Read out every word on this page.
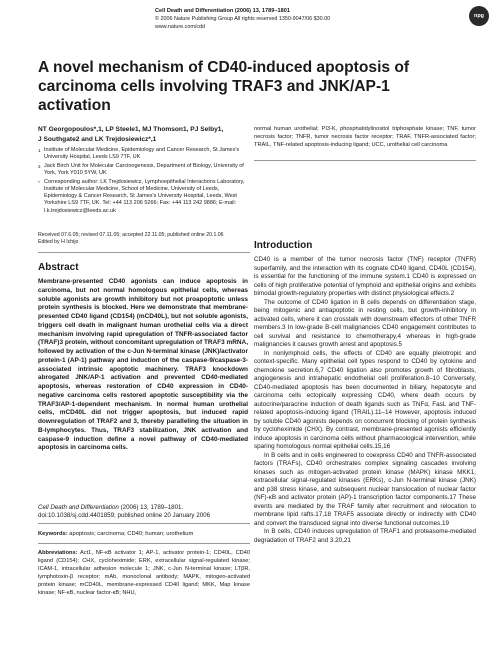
Cell Death and Differentiation (2006) 13, 1789–1801
© 2006 Nature Publishing Group All rights reserved 1350-9047/06 $30.00
www.nature.com/cdd
npg
A novel mechanism of CD40-induced apoptosis of carcinoma cells involving TRAF3 and JNK/AP-1 activation
NT Georgopoulos*,1, LP Steele1, MJ Thomson1, PJ Selby1,
J Southgate2 and LK Trejdosiewicz*,1
1 Institute of Molecular Medicine, Epidemiology and Cancer Research, St James's University Hospital, Leeds LS9 7TF, UK
2 Jack Birch Unit for Molecular Carcinogenesis, Department of Biology, University of York, York Y010 5YW, UK
* Corresponding author: LK Trejdosiewicz, Lymphoepithelial Interactions Laboratory, Institute of Molecular Medicine, School of Medicine, University of Leeds, Epidemiology & Cancer Research, St James's University Hospital, Leeds, West Yorkshire LS9 7TF, UK. Tel: +44 113 206 5266; Fax: +44 113 242 9886; E-mail: l.k.trejdosiewicz@leeds.ac.uk
Received 07.6.05; revised 07.11.05; accepted 22.11.05; published online 20.1.06
Edited by H Ichijo
Abstract
Membrane-presented CD40 agonists can induce apoptosis in carcinoma, but not normal homologous epithelial cells, whereas soluble agonists are growth inhibitory but not proapoptotic unless protein synthesis is blocked. Here we demonstrate that membrane-presented CD40 ligand (CD154) (mCD40L), but not soluble agonists, triggers cell death in malignant human urothelial cells via a direct mechanism involving rapid upregulation of TNFR-associated factor (TRAF)3 protein, without concomitant upregulation of TRAF3 mRNA, followed by activation of the c-Jun N-terminal kinase (JNK)/activator protein-1 (AP-1) pathway and induction of the caspase-9/caspase-3-associated intrinsic apoptotic machinery. TRAF3 knockdown abrogated JNK/AP-1 activation and prevented CD40-mediated apoptosis, whereas restoration of CD40 expression in CD40-negative carcinoma cells restored apoptotic susceptibility via the TRAF3/AP-1-dependent mechanism. In normal human urothelial cells, mCD40L did not trigger apoptosis, but induced rapid downregulation of TRAF2 and 3, thereby paralleling the situation in B-lymphocytes. Thus, TRAF3 stabilization, JNK activation and caspase-9 induction define a novel pathway of CD40-mediated apoptosis in carcinoma cells.
Cell Death and Differentiation (2006) 13, 1789–1801. doi:10.1038/sj.cdd.4401859; published online 20 January 2006
Keywords: apoptosis; carcinoma; CD40; human; urothelium
Abbreviations: Act1, NF-κB activator 1; AP-1, activator protein-1; CD40L, CD40 ligand (CD154); CHX, cycloheximide; ERK, extracellular signal-regulated kinase; ICAM-1, intracellular adhesion molecule 1; JNK, c-Jun N-terminal kinase; LTβR, lymphotoxin-β receptor; mAb, monoclonal antibody; MAPK, mitogen-activated protein kinase; mCD40L, membrane-expressed CD40 ligand; MKK, Map kinase kinase; NF-κB, nuclear factor-κB; NHU,
normal human urothelial; PI3-K, phosphatidylinositol triphosphate kinase; TNF, tumor necrosis factor; TNFR, tumor necrosis factor receptor; TRAF, TNFR-associated factor; TRAIL, TNF-related apoptosis-inducing ligand; UCC, urothelial cell carcinoma
Introduction

CD40 is a member of the tumor necrosis factor (TNF) receptor (TNFR) superfamily, and the interaction with its cognate CD40 ligand, CD40L (CD154), is essential for the functioning of the immune system.1 CD40 is expressed on cells of high proliferative potential of lymphoid and epithelial origins and exhibits bimodal growth-regulatory properties with distinct physiological effects.2

The outcome of CD40 ligation in B cells depends on differentiation stage, being mitogenic and antiapoptotic in resting cells, but growth-inhibitory in activated cells, where it can crosstalk with downstream effectors of other TNFR members.3 In low-grade B-cell malignancies CD40 engagement contributes to cell survival and resistance to chemotherapy,4 whereas in high-grade malignancies it causes growth arrest and apoptosis.5

In nonlymphoid cells, the effects of CD40 are equally pleiotropic and context-specific. Many epithelial cell types respond to CD40 by cytokine and chemokine secretion.6,7 CD40 ligation also promotes growth of fibroblasts, angiogenesis and intrahepatic endothelial cell proliferation.8–10 Conversely, CD40-mediated apoptosis has been documented in biliary, hepatocyte and carcinoma cells ectopically expressing CD40, where death occurs by autocrine/paracrine induction of death ligands such as TNFα, FasL and TNF-related apoptosis-inducing ligand (TRAIL).11–14 However, apoptosis induced by soluble CD40 agonists depends on concurrent blocking of protein synthesis by cycloheximide (CHX). By contrast, membrane-presented agonists efficiently induce apoptosis in carcinoma cells without pharmacological intervention, while sparing homologous normal epithelial cells.15,16

In B cells and in cells engineered to coexpress CD40 and TNFR-associated factors (TRAFs), CD40 orchestrates complex signaling cascades involving kinases such as mitogen-activated protein kinase (MAPK) kinase MKK1, extracellular signal-regulated kinases (ERKs), c-Jun N-terminal kinase (JNK) and p38 stress kinase, and subsequent nuclear translocation of nuclear factor (NF)-κB and activator protein (AP)-1 transcription factor components.17 These events are mediated by the TRAF family after recruitment and relocation to membrane lipid rafts.17,18 TRAF5 associate directly or indirectly with CD40 and convert the transduced signal into diverse functional outcomes.19

In B cells, CD40 induces upregulation of TRAF1 and proteasome-mediated degradation of TRAF2 and 3.20,21
